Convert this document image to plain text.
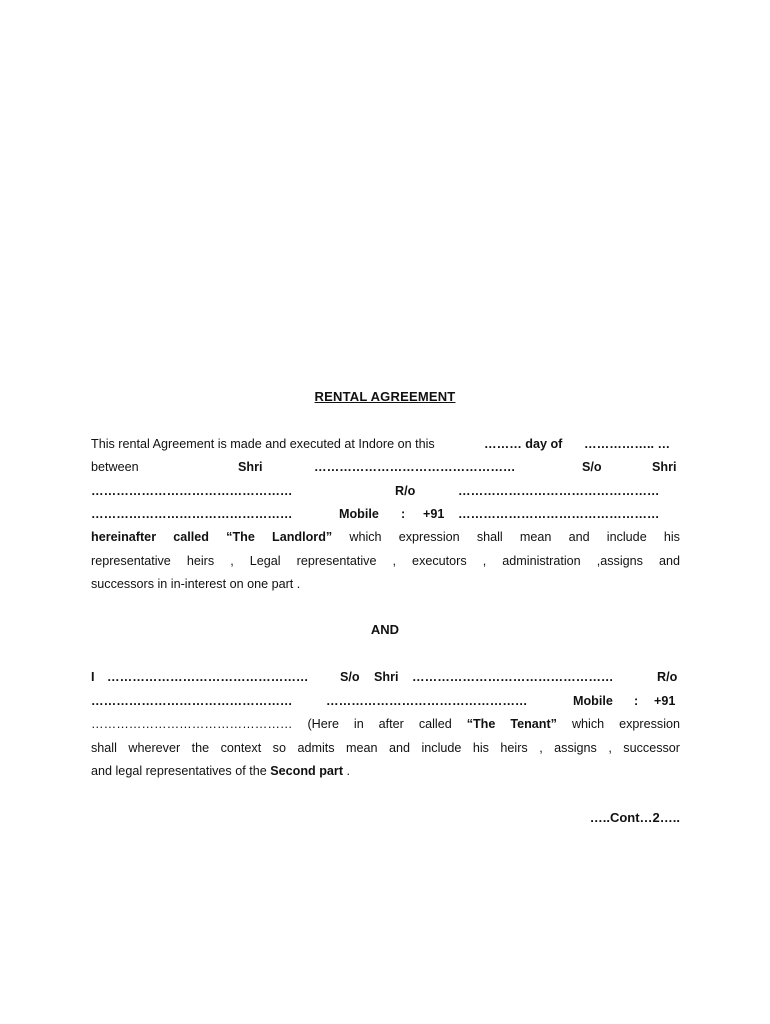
RENTAL AGREEMENT
This rental Agreement is made and executed at Indore on this	……… day of …………….. …
between	Shri	…………………………………………	S/o	Shri
…………………………………………	R/o	…………………………………………
…………………………………………	Mobile : +91 …………………………………………
hereinafter called “The Landlord” which expression shall mean and include his
representative heirs , Legal representative , executors , administration ,assigns and
successors in in-interest on one part .
AND
I …………………………………………	S/o Shri …………………………………………	R/o
…………………………………………	…………………………………………	Mobile : +91
………………………………………… (Here in after called “The Tenant” which expression
shall wherever the context so admits mean and include his heirs , assigns , successor
and legal representatives of the Second part .
…..Cont…2…..
